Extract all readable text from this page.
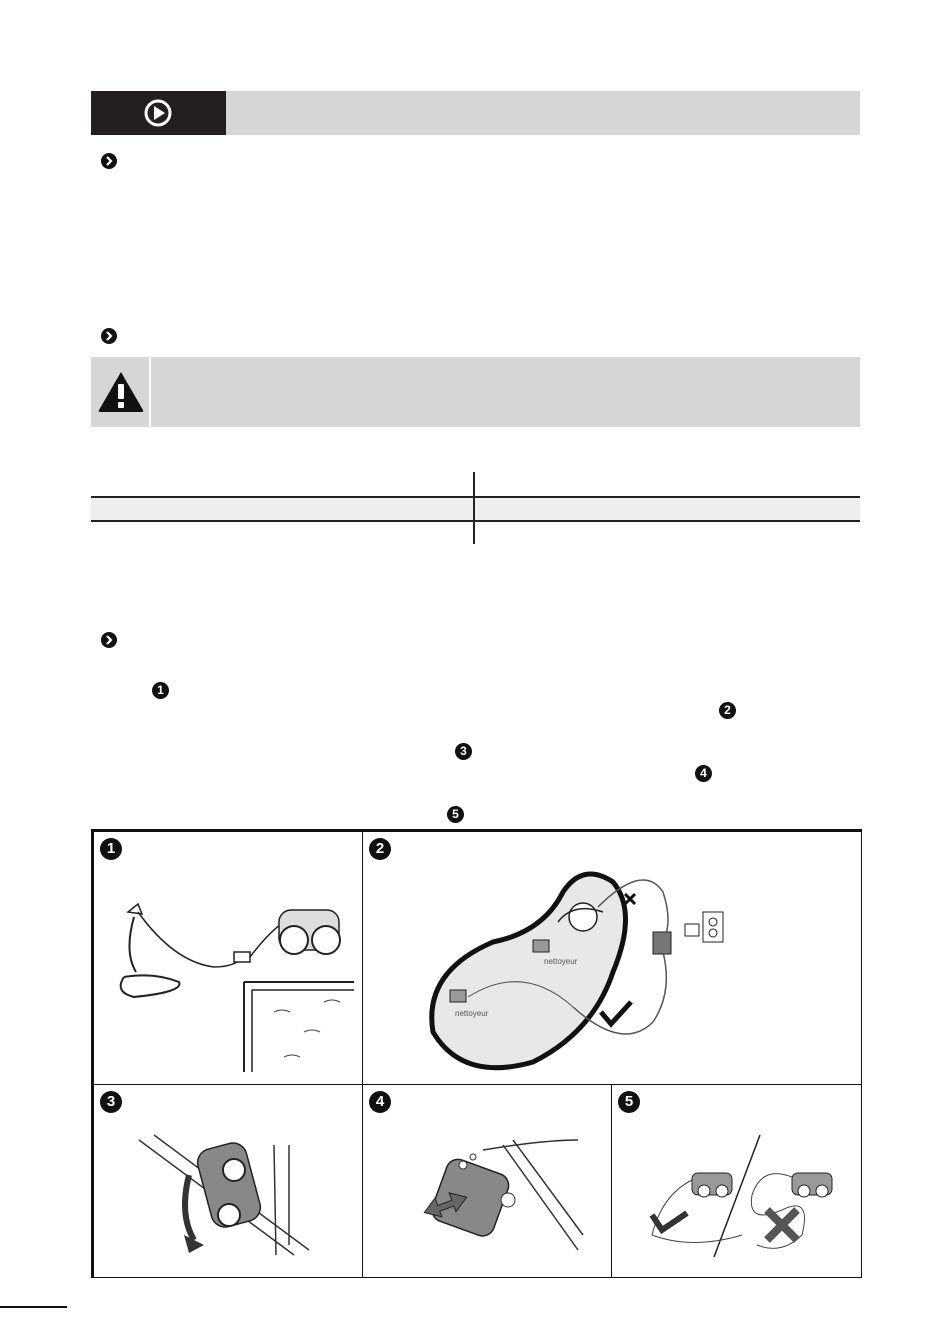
1
2
3
4
5
1	2
nettoyeur
nettoyeur
3	4	5
